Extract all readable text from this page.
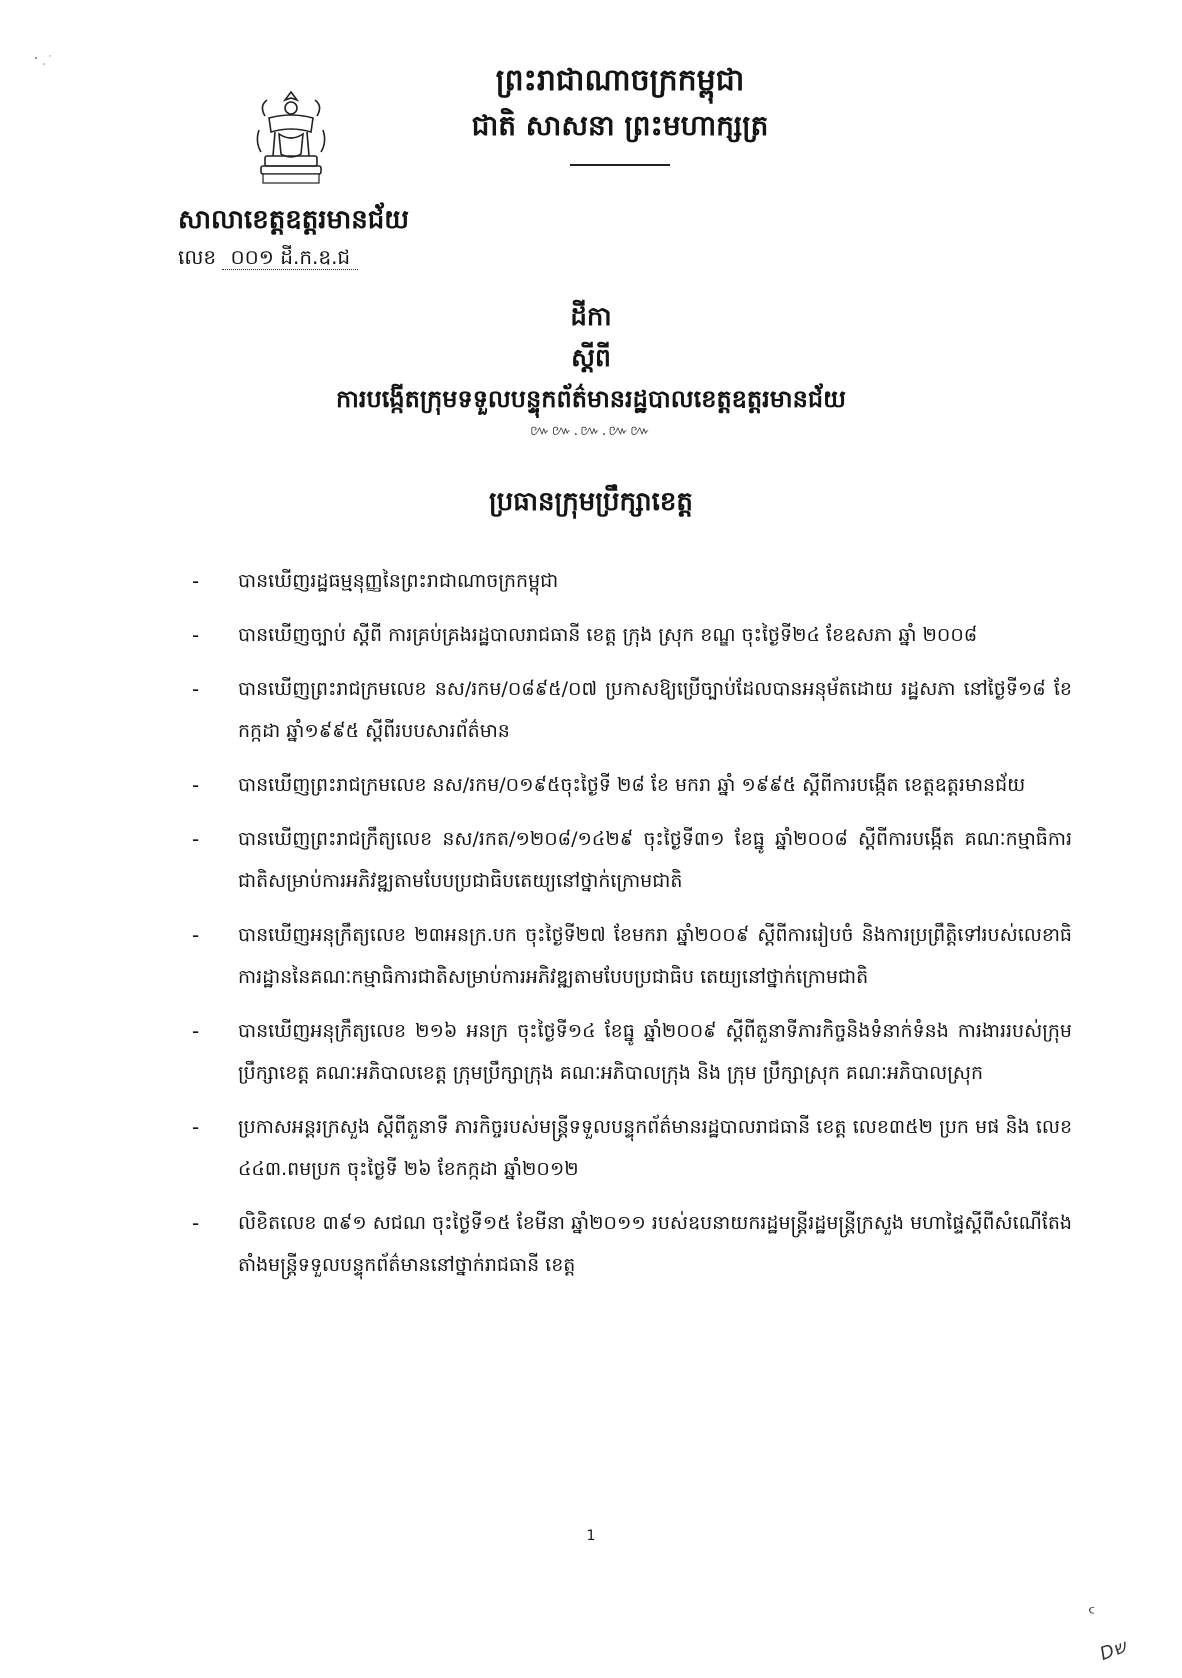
ព្រះរាជាណាចក្រកម្ពុជា
ជាតិ សាសនា ព្រះមហាក្សត្រ
សាលាខេត្តឧត្តរមានជ័យ
លេខ ០០១ ដី.ក.ឧ.ជ
ដីកា
ស្តីពី
ការបង្កើតក្រុមទទួលបន្ទុកព័ត៌មានរដ្ឋបាលខេត្តឧត្តរមានជ័យ
៚៚.៚.៚៚
ប្រធានក្រុមប្រឹក្សាខេត្ត
- បានឃើញរដ្ឋធម្មនុញ្ញនៃព្រះរាជាណាចក្រកម្ពុជា
- បានឃើញច្បាប់ ស្តីពី ការគ្រប់គ្រងរដ្ឋបាលរាជធានី ខេត្ត ក្រុង ស្រុក ខណ្ឌ ចុះថ្ងៃទី២៤ ខែឧសភា ឆ្នាំ ២០០៨
- បានឃើញព្រះរាជក្រមលេខ នស/រកម/០៨៩៥/០៧ ប្រកាសឱ្យប្រើច្បាប់ដែលបានអនុម័តដោយ រដ្ឋសភា នៅថ្ងៃទី១៨ ខែកក្កដា ឆ្នាំ១៩៩៥ ស្តីពីរបបសារព័ត៌មាន
- បានឃើញព្រះរាជក្រមលេខ នស/រកម/០១៩៥ចុះថ្ងៃទី ២៨ ខែ មករា ឆ្នាំ ១៩៩៥ ស្តីពីការបង្កើត ខេត្តឧត្តរមានជ័យ
- បានឃើញព្រះរាជក្រឹត្យលេខ នស/រកត/១២០៨/១៤២៩ ចុះថ្ងៃទី៣១ ខែធ្នូ ឆ្នាំ២០០៨ ស្តីពីការបង្កើត គណៈកម្មាធិការជាតិសម្រាប់ការអភិវឌ្ឍតាមបែបប្រជាធិបតេយ្យនៅថ្នាក់ក្រោមជាតិ
- បានឃើញអនុក្រឹត្យលេខ ២៣អនក្រ.បក ចុះថ្ងៃទី២៧ ខែមករា ឆ្នាំ២០០៩ ស្តីពីការរៀបចំ និងការប្រព្រឹត្តិទៅរបស់លេខាធិការដ្ឋាននៃគណៈកម្មាធិការជាតិសម្រាប់ការអភិវឌ្ឍតាមបែបប្រជាធិប តេយ្យនៅថ្នាក់ក្រោមជាតិ
- បានឃើញអនុក្រឹត្យលេខ ២១៦ អនក្រ ចុះថ្ងៃទី១៤ ខែធ្នូ ឆ្នាំ២០០៩ ស្តីពីតួនាទីភារកិច្ចនិងទំនាក់ទំនង ការងាររបស់ក្រុមប្រឹក្សាខេត្ត គណៈអភិបាលខេត្ត ក្រុមប្រឹក្សាក្រុង គណៈអភិបាលក្រុង និង ក្រុម ប្រឹក្សាស្រុក គណៈអភិបាលស្រុក
- ប្រកាសអន្តរក្រសួង ស្តីពីតួនាទី ភារកិច្ចរបស់មន្ត្រីទទួលបន្ទុកព័ត៌មានរដ្ឋបាលរាជធានី ខេត្ត លេខ៣៥២ ប្រក មផ និង លេខ ៤៤៣.ពមប្រក ចុះថ្ងៃទី ២៦ ខែកក្កដា ឆ្នាំ២០១២
- លិខិតលេខ ៣៩១ សជណ ចុះថ្ងៃទី១៥ ខែមីនា ឆ្នាំ២០១១ របស់ឧបនាយករដ្ឋមន្ត្រីរដ្ឋមន្ត្រីក្រសួង មហាផ្ទៃស្តីពីសំណើតែងតាំងមន្ត្រីទទួលបន្ទុកព័ត៌មាននៅថ្នាក់រាជធានី ខេត្ត
1
ᑦ
Dש
